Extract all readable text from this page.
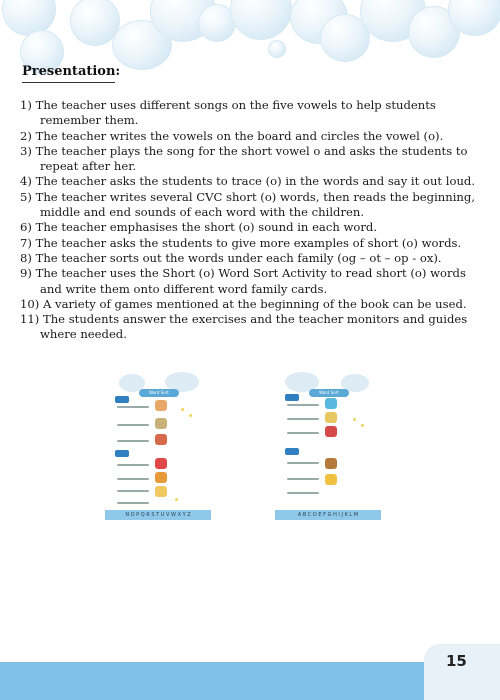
Presentation:
1) The teacher uses different songs on the five vowels to help students remember them.
2) The teacher writes the vowels on the board and circles the vowel (o).
3) The teacher plays the song for the short vowel o and asks the students to repeat after her.
4) The teacher asks the students to trace (o) in the words and say it out loud.
5) The teacher writes several CVC short (o) words, then reads the beginning, middle and end sounds of each word with the children.
6) The teacher emphasises the short (o) sound in each word.
7) The teacher asks the students to give more examples of short (o) words.
8) The teacher sorts out the words under each family (og – ot – op - ox).
9) The teacher uses the Short (o) Word Sort Activity to read short (o) words and write them onto different word family cards.
10) A variety of games mentioned at the beginning of the book can be used.
11) The students answer the exercises and the teacher monitors and guides where needed.
Word Sort
N O P Q R S T U V W X Y Z
Word Sort
A B C D E F G H I J K L M
15
